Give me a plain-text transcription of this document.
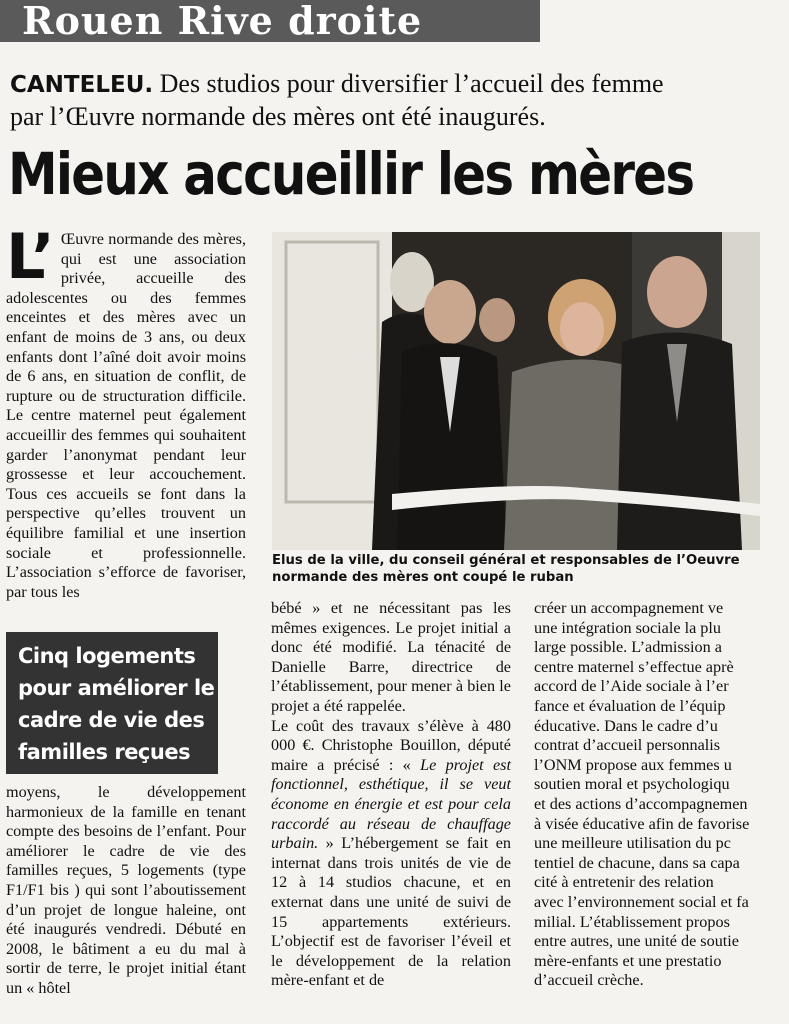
Rouen Rive droite
CANTELEU. Des studios pour diversifier l’accueil des femme
par l’Œuvre normande des mères ont été inaugurés.
Mieux accueillir les mères
L’ Œuvre normande des mères, qui est une association privée, accueille des adolescentes ou des femmes enceintes et des mères avec un enfant de moins de 3 ans, ou deux enfants dont l’aîné doit avoir moins de 6 ans, en situation de conflit, de rupture ou de structuration difficile. Le centre maternel peut également accueillir des femmes qui souhaitent garder l’anonymat pendant leur grossesse et leur accouchement. Tous ces accueils se font dans la perspective qu’elles trouvent un équilibre familial et une insertion sociale et professionnelle. L’association s’efforce de favoriser, par tous les
Cinq logements pour améliorer le cadre de vie des familles reçues
moyens, le développement harmonieux de la famille en tenant compte des besoins de l’enfant. Pour améliorer le cadre de vie des familles reçues, 5 logements (type F1/F1 bis ) qui sont l’aboutissement d’un projet de longue haleine, ont été inaugurés vendredi. Débuté en 2008, le bâtiment a eu du mal à sortir de terre, le projet initial étant un « hôtel
Elus de la ville, du conseil général et responsables de l’Oeuvre normande des mères ont coupé le ruban
bébé » et ne nécessitant pas les mêmes exigences. Le projet initial a donc été modifié. La ténacité de Danielle Barre, directrice de l’établissement, pour mener à bien le projet a été rappelée.
Le coût des travaux s’élève à 480 000 €. Christophe Bouillon, député maire a précisé : « Le projet est fonctionnel, esthétique, il se veut économe en énergie et est pour cela raccordé au réseau de chauffage urbain. » L’hébergement se fait en internat dans trois unités de vie de 12 à 14 studios chacune, et en externat dans une unité de suivi de 15 appartements extérieurs. L’objectif est de favoriser l’éveil et le développement de la relation mère-enfant et de
créer un accompagnement ve
une intégration sociale la plu
large possible. L’admission a
centre maternel s’effectue aprè
accord de l’Aide sociale à l’er
fance et évaluation de l’équip
éducative. Dans le cadre d’u
contrat d’accueil personnalis
l’ONM propose aux femmes u
soutien moral et psychologiqu
et des actions d’accompagnemen
à visée éducative afin de favorise
une meilleure utilisation du pc
tentiel de chacune, dans sa capa
cité à entretenir des relation
avec l’environnement social et fa
milial. L’établissement propos
entre autres, une unité de soutie
mère-enfants et une prestatio
d’accueil crèche.
